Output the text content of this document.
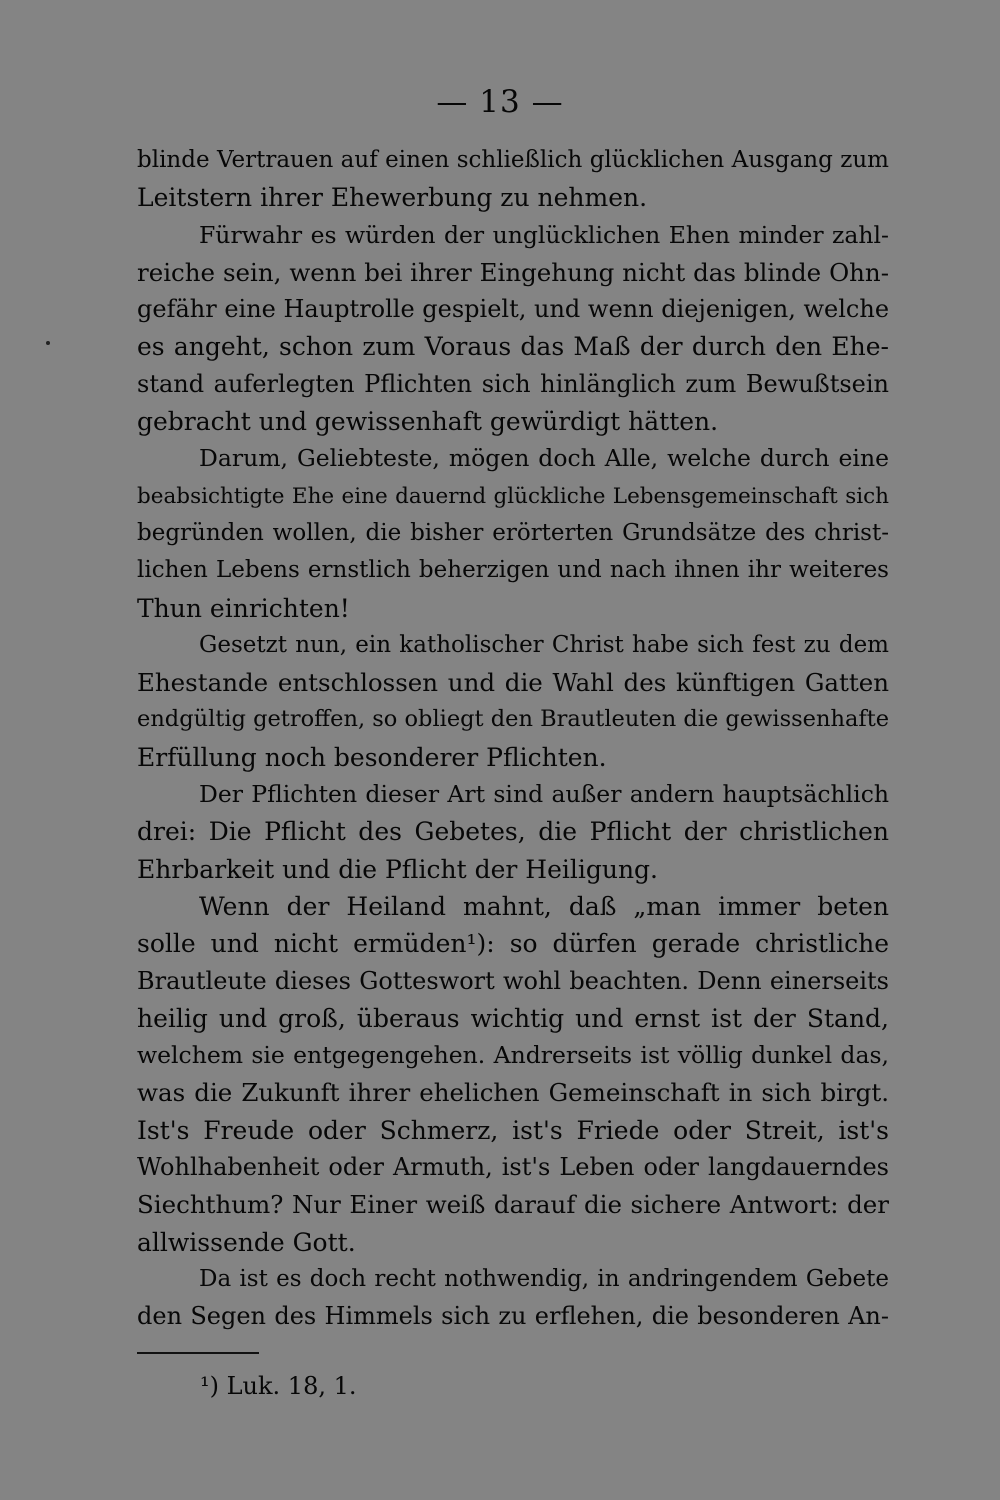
— 13 —
blinde Vertrauen auf einen schließlich glücklichen Ausgang zum
Leitstern ihrer Ehewerbung zu nehmen.
Fürwahr es würden der unglücklichen Ehen minder zahl-
reiche sein, wenn bei ihrer Eingehung nicht das blinde Ohn-
gefähr eine Hauptrolle gespielt, und wenn diejenigen, welche
es angeht, schon zum Voraus das Maß der durch den Ehe-
stand auferlegten Pflichten sich hinlänglich zum Bewußtsein
gebracht und gewissenhaft gewürdigt hätten.
Darum, Geliebteste, mögen doch Alle, welche durch eine
beabsichtigte Ehe eine dauernd glückliche Lebensgemeinschaft sich
begründen wollen, die bisher erörterten Grundsätze des christ-
lichen Lebens ernstlich beherzigen und nach ihnen ihr weiteres
Thun einrichten!
Gesetzt nun, ein katholischer Christ habe sich fest zu dem
Ehestande entschlossen und die Wahl des künftigen Gatten
endgültig getroffen, so obliegt den Brautleuten die gewissenhafte
Erfüllung noch besonderer Pflichten.
Der Pflichten dieser Art sind außer andern hauptsächlich
drei: Die Pflicht des Gebetes, die Pflicht der christlichen
Ehrbarkeit und die Pflicht der Heiligung.
Wenn der Heiland mahnt, daß „man immer beten
solle und nicht ermüden¹): so dürfen gerade christliche
Brautleute dieses Gotteswort wohl beachten. Denn einerseits
heilig und groß, überaus wichtig und ernst ist der Stand,
welchem sie entgegengehen. Andrerseits ist völlig dunkel das,
was die Zukunft ihrer ehelichen Gemeinschaft in sich birgt.
Ist's Freude oder Schmerz, ist's Friede oder Streit, ist's
Wohlhabenheit oder Armuth, ist's Leben oder langdauerndes
Siechthum? Nur Einer weiß darauf die sichere Antwort: der
allwissende Gott.
Da ist es doch recht nothwendig, in andringendem Gebete
den Segen des Himmels sich zu erflehen, die besonderen An-
¹) Luk. 18, 1.
